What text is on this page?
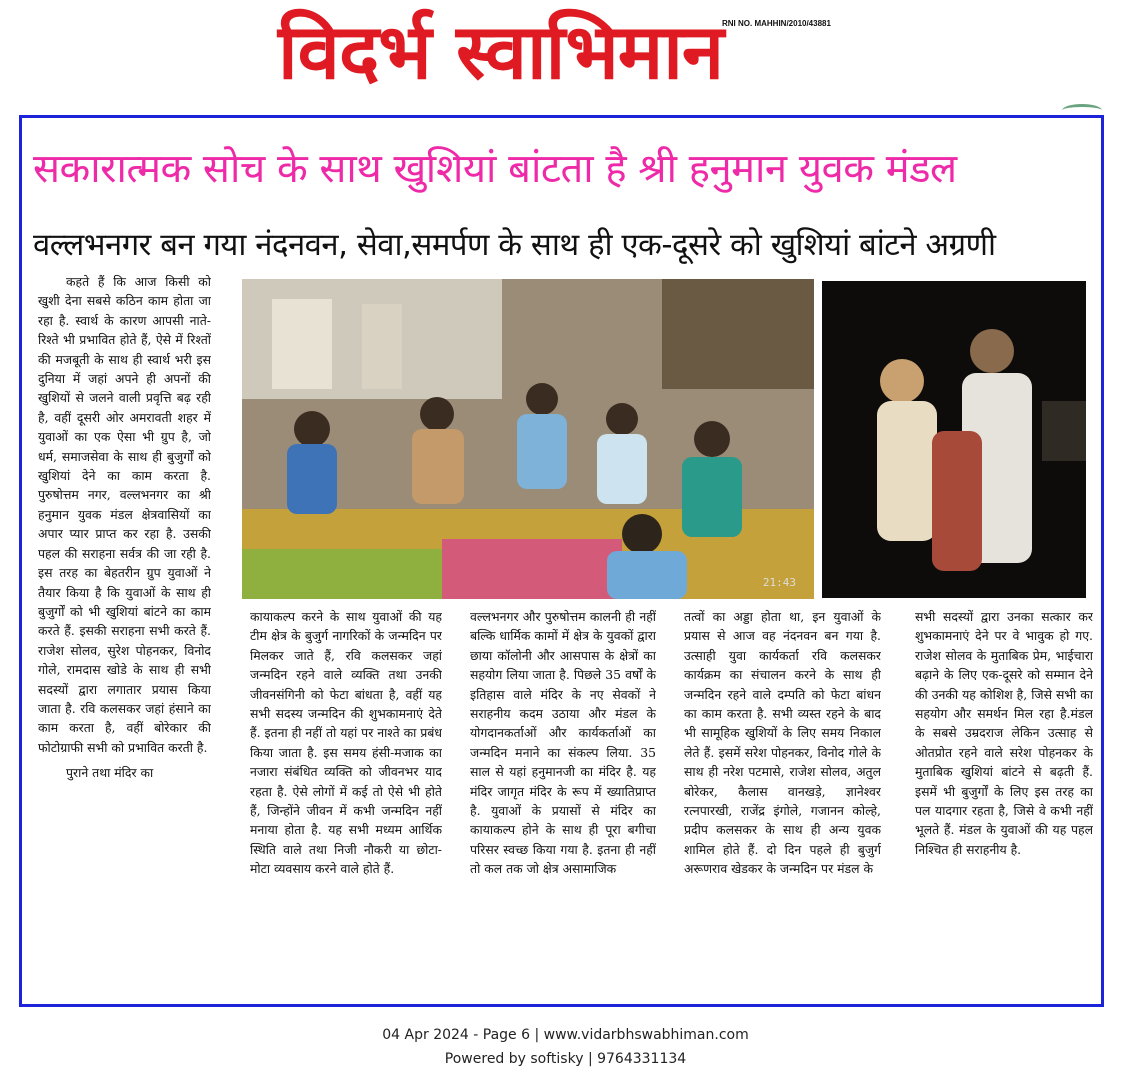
विदर्भ स्वाभिमान
RNI NO. MAHHIN/2010/43881
सकारात्मक सोच के साथ खुशियां बांटता है श्री हनुमान युवक मंडल
वल्लभनगर बन गया नंदनवन, सेवा,समर्पण के साथ ही एक-दूसरे को खुशियां बांटने अग्रणी

कहते हैं कि आज किसी को खुशी देना सबसे कठिन काम होता जा रहा है. स्वार्थ के कारण आपसी नाते-रिश्ते भी प्रभावित होते हैं, ऐसे में रिश्तों की मजबूती के साथ ही स्वार्थ भरी इस दुनिया में जहां अपने ही अपनों की खुशियों से जलने वाली प्रवृत्ति बढ़ रही है, वहीं दूसरी ओर अमरावती शहर में युवाओं का एक ऐसा भी ग्रुप है, जो धर्म, समाजसेवा के साथ ही बुजुर्गों को खुशियां देने का काम करता है. पुरुषोत्तम नगर, वल्लभनगर का श्री हनुमान युवक मंडल क्षेत्रवासियों का अपार प्यार प्राप्त कर रहा है. उसकी पहल की सराहना सर्वत्र की जा रही है. इस तरह का बेहतरीन ग्रुप युवाओं ने तैयार किया है कि युवाओं के साथ ही बुजुर्गों को भी खुशियां बांटने का काम करते हैं. इसकी सराहना सभी करते हैं. राजेश सोलव, सुरेश पोहनकर, विनोद गोले, रामदास खोडे के साथ ही सभी सदस्यों द्वारा लगातार प्रयास किया जाता है. रवि कलसकर जहां हंसाने का काम करता है, वहीं बोरेकार की फोटोग्राफी सभी को प्रभावित करती है.

पुराने तथा मंदिर का

21:43

कायाकल्प करने के साथ युवाओं की यह टीम क्षेत्र के बुजुर्ग नागरिकों के जन्मदिन पर मिलकर जाते हैं, रवि कलसकर जहां जन्मदिन रहने वाले व्यक्ति तथा उनकी जीवनसंगिनी को फेटा बांधता है, वहीं यह सभी सदस्य जन्मदिन की शुभकामनाएं देते हैं. इतना ही नहीं तो यहां पर नाश्ते का प्रबंध किया जाता है. इस समय हंसी-मजाक का नजारा संबंधित व्यक्ति को जीवनभर याद रहता है. ऐसे लोगों में कई तो ऐसे भी होते हैं, जिन्होंने जीवन में कभी जन्मदिन नहीं मनाया होता है. यह सभी मध्यम आर्थिक स्थिति वाले तथा निजी नौकरी या छोटा-मोटा व्यवसाय करने वाले होते हैं.

वल्लभनगर और पुरुषोत्तम कालनी ही नहीं बल्कि धार्मिक कामों में क्षेत्र के युवकों द्वारा छाया कॉलोनी और आसपास के क्षेत्रों का सहयोग लिया जाता है. पिछले 35 वर्षों के इतिहास वाले मंदिर के नए सेवकों ने सराहनीय कदम उठाया और मंडल के योगदानकर्ताओं और कार्यकर्ताओं का जन्मदिन मनाने का संकल्प लिया. 35 साल से यहां हनुमानजी का मंदिर है. यह मंदिर जागृत मंदिर के रूप में ख्यातिप्राप्त है. युवाओं के प्रयासों से मंदिर का कायाकल्प होने के साथ ही पूरा बगीचा परिसर स्वच्छ किया गया है. इतना ही नहीं तो कल तक जो क्षेत्र असामाजिक

तत्वों का अड्डा होता था, इन युवाओं के प्रयास से आज वह नंदनवन बन गया है. उत्साही युवा कार्यकर्ता रवि कलसकर कार्यक्रम का संचालन करने के साथ ही जन्मदिन रहने वाले दम्पति को फेटा बांधन का काम करता है. सभी व्यस्त रहने के बाद भी सामूहिक खुशियों के लिए समय निकाल लेते हैं. इसमें सरेश पोहनकर, विनोद गोले के साथ ही नरेश पटमासे, राजेश सोलव, अतुल बोरेकर, कैलास वानखड़े, ज्ञानेश्वर रत्नपारखी, राजेंद्र इंगोले, गजानन कोल्हे, प्रदीप कलसकर के साथ ही अन्य युवक शामिल होते हैं. दो दिन पहले ही बुजुर्ग अरूणराव खेडकर के जन्मदिन पर मंडल के

सभी सदस्यों द्वारा उनका सत्कार कर शुभकामनाएं देने पर वे भावुक हो गए. राजेश सोलव के मुताबिक प्रेम, भाईचारा बढ़ाने के लिए एक-दूसरे को सम्मान देने की उनकी यह कोशिश है, जिसे सभी का सहयोग और समर्थन मिल रहा है.मंडल के सबसे उम्रदराज लेकिन उत्साह से ओतप्रोत रहने वाले सरेश पोहनकर के मुताबिक खुशियां बांटने से बढ़ती हैं. इसमें भी बुजुर्गों के लिए इस तरह का पल यादगार रहता है, जिसे वे कभी नहीं भूलते हैं. मंडल के युवाओं की यह पहल निश्चित ही सराहनीय है.

04 Apr 2024 - Page 6 | www.vidarbhswabhiman.com
Powered by softisky | 9764331134
